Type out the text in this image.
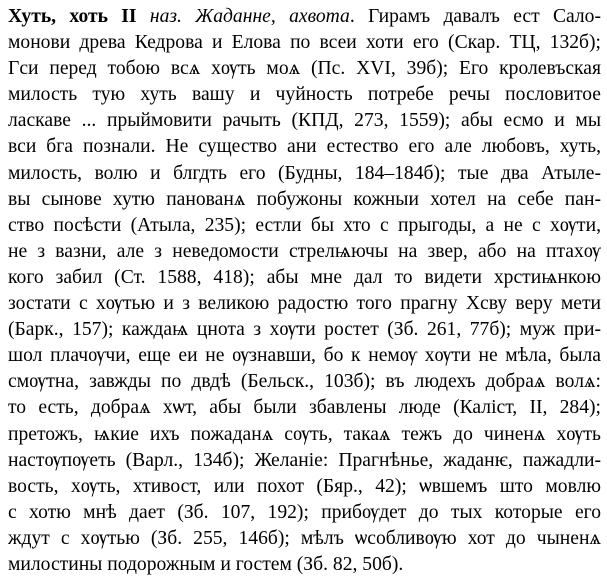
Хуть, хоть II наз. Жаданне, ахвота. Гирамъ давалъ ест Сало-
монови древа Кедрова и Елова по всеи хоти его (Скар. ТЦ, 132б);
Гси перед тобою всѧ хѹть моѧ (Пс. XVI, 39б); Его кролевъская
милость тую хуть вашу и чуйность потребе речы пословитое
ласкаве ... прыймовити рачыть (КПД, 273, 1559); абы есмо и мы
вси бга познали. Не существо ани естество его але любовъ, хуть,
милость, волю и блгдть его (Будны, 184–184б); тые два Атыле-
вы сынове хутю панованѧ побужоны кожныи хотел на себе пан-
ство посѣсти (Атыла, 235); естли бы хто с прыгоды, а не с хѹти,
не з вазни, але з неведомости стрелѩючы на звер, або на птахѹ
кого забил (Ст. 1588, 418); абы мне дал то видети хрстиѩнкою
зостати с хѹтью и з великою радостю того прагну Хсву веру мети
(Барк., 157); каждаѩ цнота з хѹти ростет (Зб. 261, 77б); муж при-
шол плачѹчи, еще еи не ѹзнавши, бо к немѹ хѹти не мѣла, была
смѹтна, завжды по двдѣ (Бельск., 103б); въ людехъ добраѧ волѧ:
то есть, добраѧ хѡт, абы были збавлены люде (Калiст, II, 284);
претожъ, ѩкие ихъ пожаданѧ сѹть, такаѧ тежъ до чиненѧ хѹть
настѹпѹеть (Варл., 134б); Желанiе: Прагнѣнье, жаданѥ, пажадли-
вость, хѹть, хтивост, или похот (Бяр., 42); ѡвшемъ што мовлю
с хотю мнѣ дает (Зб. 107, 192); прибѹдет до тых которые его
ждут с хѹтью (Зб. 255, 146б); мѣлъ ѡсобливѹю хот до чыненѧ
милостины подорожным и гостем (Зб. 82, 50б).
